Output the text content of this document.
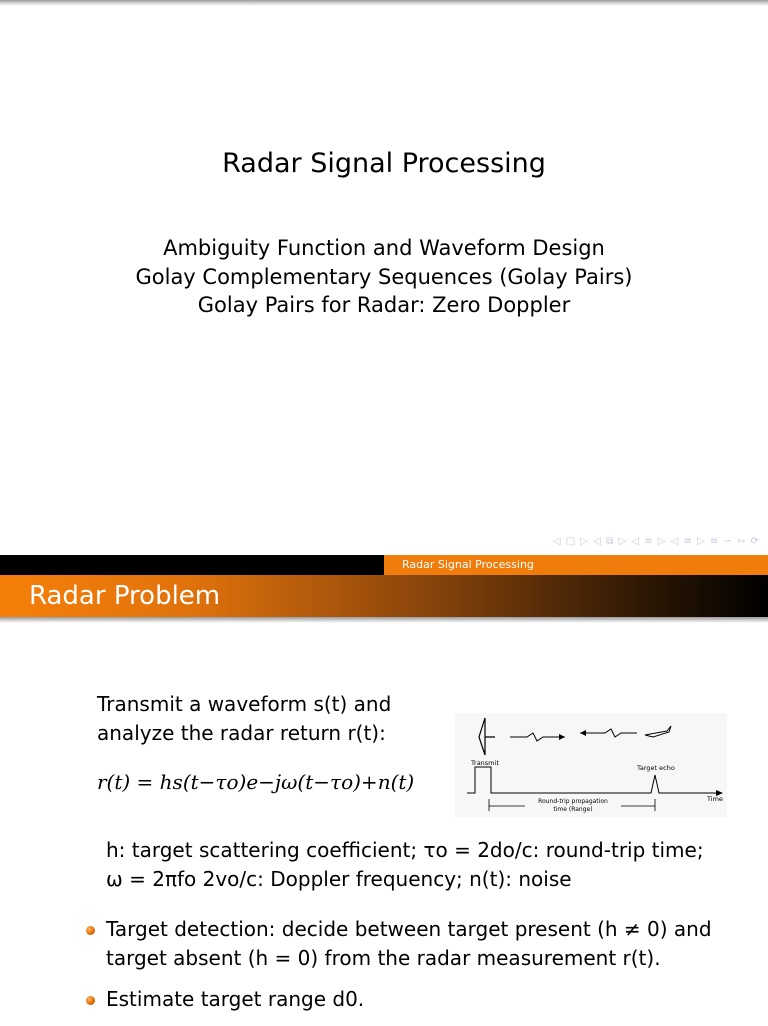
Radar Signal Processing
Ambiguity Function and Waveform Design
Golay Complementary Sequences (Golay Pairs)
Golay Pairs for Radar: Zero Doppler
◁ □ ▷ ◁ ⧉ ▷ ◁ ≡ ▷ ◁ ≡ ▷ ≡ ∽ ∾ ⟳
Radar Signal Processing
Radar Problem
Transmit a waveform s(t) and
analyze the radar return r(t):
r(t) = hs(t−τo)e−jω(t−τo)+n(t)
h: target scattering coefficient; τo = 2do/c: round-trip time;
ω = 2πfo 2vo/c: Doppler frequency; n(t): noise
Target detection: decide between target present (h ≠ 0) and target absent (h = 0) from the radar measurement r(t).
Estimate target range d0.
Transmit
Target echo
Time
Round-trip propagation
time (Range)
